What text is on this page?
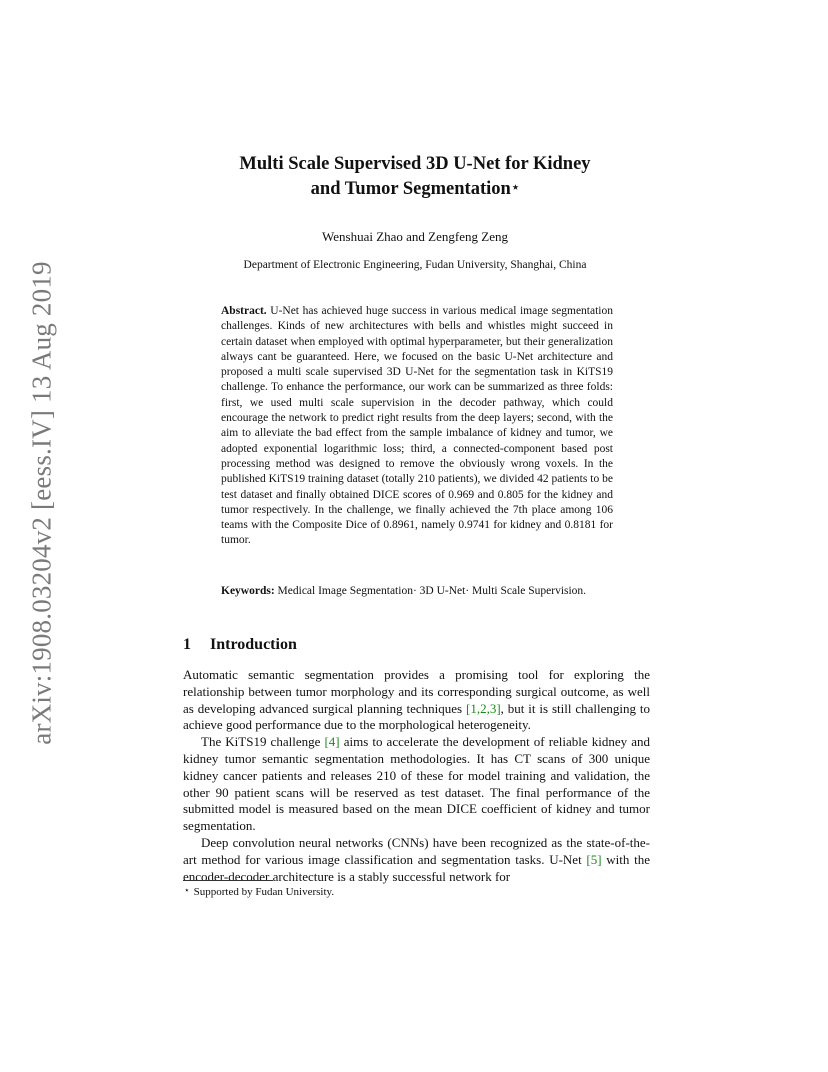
arXiv:1908.03204v2 [eess.IV] 13 Aug 2019
Multi Scale Supervised 3D U-Net for Kidney
and Tumor Segmentation⋆
Wenshuai Zhao and Zengfeng Zeng
Department of Electronic Engineering, Fudan University, Shanghai, China
Abstract. U-Net has achieved huge success in various medical image segmentation challenges. Kinds of new architectures with bells and whistles might succeed in certain dataset when employed with optimal hyperparameter, but their generalization always cant be guaranteed. Here, we focused on the basic U-Net architecture and proposed a multi scale supervised 3D U-Net for the segmentation task in KiTS19 challenge. To enhance the performance, our work can be summarized as three folds: first, we used multi scale supervision in the decoder pathway, which could encourage the network to predict right results from the deep layers; second, with the aim to alleviate the bad effect from the sample imbalance of kidney and tumor, we adopted exponential logarithmic loss; third, a connected-component based post processing method was designed to remove the obviously wrong voxels. In the published KiTS19 training dataset (totally 210 patients), we divided 42 patients to be test dataset and finally obtained DICE scores of 0.969 and 0.805 for the kidney and tumor respectively. In the challenge, we finally achieved the 7th place among 106 teams with the Composite Dice of 0.8961, namely 0.9741 for kidney and 0.8181 for tumor.
Keywords: Medical Image Segmentation· 3D U-Net· Multi Scale Supervision.
1 Introduction

Automatic semantic segmentation provides a promising tool for exploring the relationship between tumor morphology and its corresponding surgical outcome, as well as developing advanced surgical planning techniques [1,2,3], but it is still challenging to achieve good performance due to the morphological heterogeneity.

The KiTS19 challenge [4] aims to accelerate the development of reliable kidney and kidney tumor semantic segmentation methodologies. It has CT scans of 300 unique kidney cancer patients and releases 210 of these for model training and validation, the other 90 patient scans will be reserved as test dataset. The final performance of the submitted model is measured based on the mean DICE coefficient of kidney and tumor segmentation.

Deep convolution neural networks (CNNs) have been recognized as the state-of-the-art method for various image classification and segmentation tasks. U-Net [5] with the encoder-decoder architecture is a stably successful network for

⋆ Supported by Fudan University.
